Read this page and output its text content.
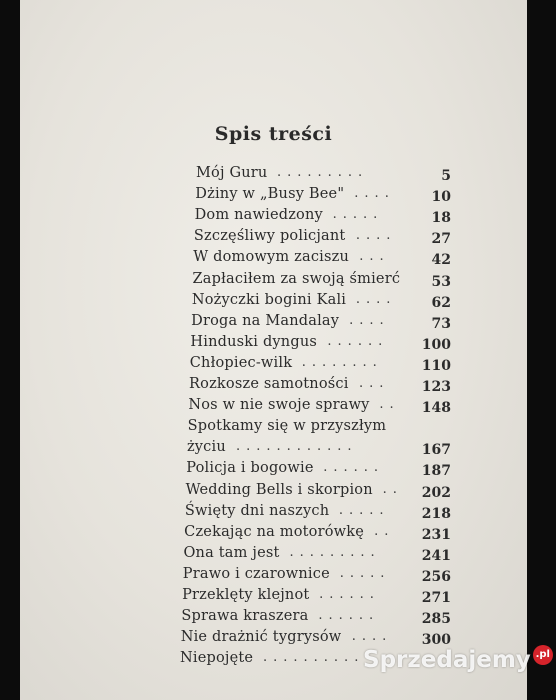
Spis treści
Mój Guru .........	5
Dżiny w „Busy Bee" ....	10
Dom nawiedzony .....	18
Szczęśliwy policjant ....	27
W domowym zaciszu ...	42
Zapłaciłem za swoją śmierć 53
Nożyczki bogini Kali ....	62
Droga na Mandalay ....	73
Hinduski dyngus ...... 100
Chłopiec-wilk ........	110
Rozkosze samotności ... 123
Nos w nie swoje sprawy .. 148
Spotkamy się w przyszłym
życiu ............	167
Policja i bogowie ......	187
Wedding Bells i skorpion .. 202
Święty dni naszych ..... 218
Czekając na motorówkę .. 231
Ona tam jest .........	241
Prawo i czarownice ..... 256
Przeklęty klejnot ......	271
Sprawa kraszera ......	285
Nie drażnić tygrysów .... 300
Niepojęte ..........
Sprzedajemy .pl
